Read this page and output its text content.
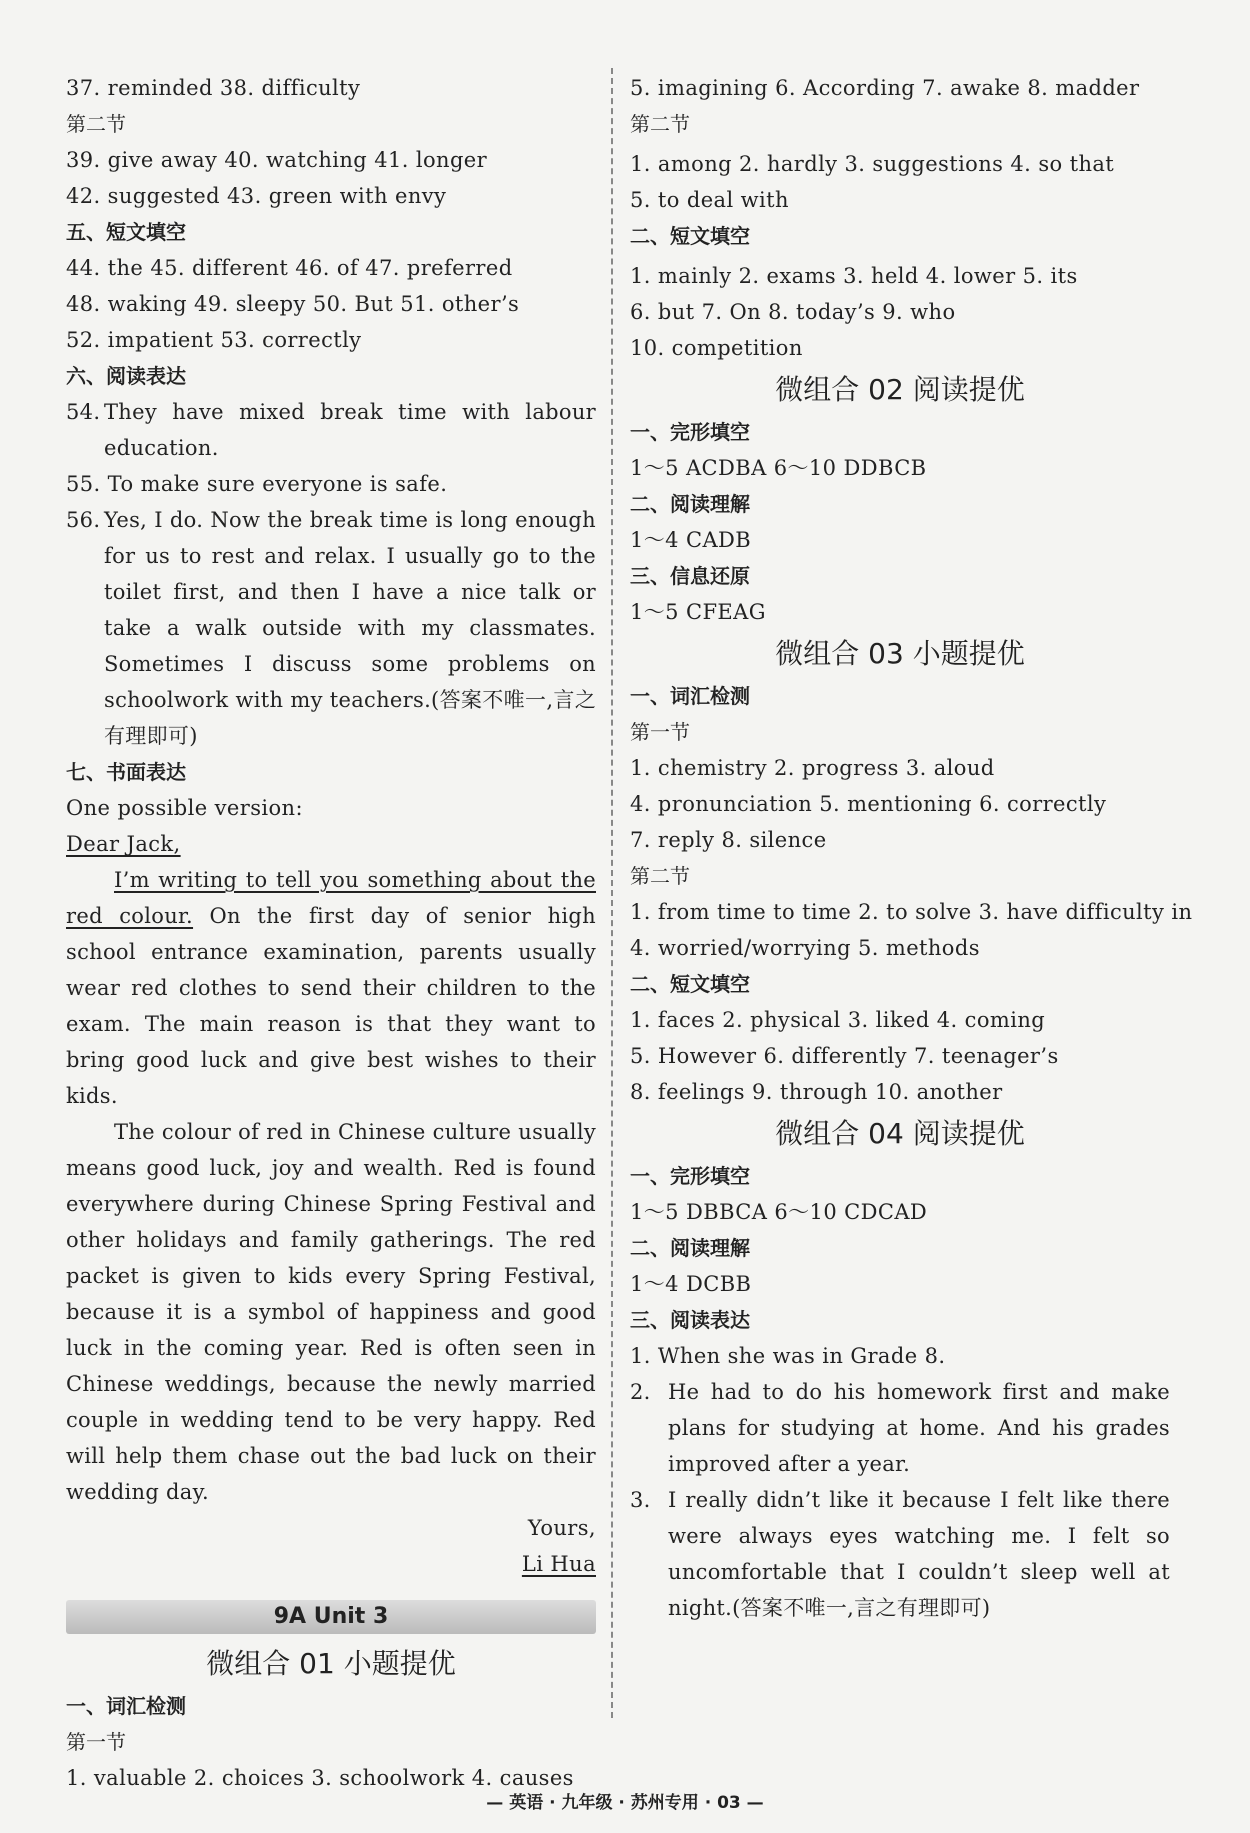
37. reminded 38. difficulty
第二节
39. give away 40. watching 41. longer
42. suggested 43. green with envy
五、短文填空
44. the 45. different 46. of 47. preferred
48. waking 49. sleepy 50. But 51. other’s
52. impatient 53. correctly
六、阅读表达
54. They have mixed break time with labour education.
55. To make sure everyone is safe.
56. Yes, I do. Now the break time is long enough for us to rest and relax. I usually go to the toilet first, and then I have a nice talk or take a walk outside with my classmates. Sometimes I discuss some problems on schoolwork with my teachers.(答案不唯一,言之有理即可)
七、书面表达
One possible version:
Dear Jack,
I’m writing to tell you something about the red colour. On the first day of senior high school entrance examination, parents usually wear red clothes to send their children to the exam. The main reason is that they want to bring good luck and give best wishes to their kids.
The colour of red in Chinese culture usually means good luck, joy and wealth. Red is found everywhere during Chinese Spring Festival and other holidays and family gatherings. The red packet is given to kids every Spring Festival, because it is a symbol of happiness and good luck in the coming year. Red is often seen in Chinese weddings, because the newly married couple in wedding tend to be very happy. Red will help them chase out the bad luck on their wedding day.
Yours,
Li Hua
9A Unit 3
微组合 01 小题提优
一、词汇检测
第一节
1. valuable 2. choices 3. schoolwork 4. causes
5. imagining 6. According 7. awake 8. madder
第二节
1. among 2. hardly 3. suggestions 4. so that
5. to deal with
二、短文填空
1. mainly 2. exams 3. held 4. lower 5. its
6. but 7. On 8. today’s 9. who
10. competition
微组合 02 阅读提优
一、完形填空
1～5 ACDBA 6～10 DDBCB
二、阅读理解
1～4 CADB
三、信息还原
1～5 CFEAG
微组合 03 小题提优
一、词汇检测
第一节
1. chemistry 2. progress 3. aloud
4. pronunciation 5. mentioning 6. correctly
7. reply 8. silence
第二节
1. from time to time 2. to solve 3. have difficulty in
4. worried/worrying 5. methods
二、短文填空
1. faces 2. physical 3. liked 4. coming
5. However 6. differently 7. teenager’s
8. feelings 9. through 10. another
微组合 04 阅读提优
一、完形填空
1～5 DBBCA 6～10 CDCAD
二、阅读理解
1～4 DCBB
三、阅读表达
1. When she was in Grade 8.
2. He had to do his homework first and make plans for studying at home. And his grades improved after a year.
3. I really didn’t like it because I felt like there were always eyes watching me. I felt so uncomfortable that I couldn’t sleep well at night.(答案不唯一,言之有理即可)
— 英语 · 九年级 · 苏州专用 · 03 —
